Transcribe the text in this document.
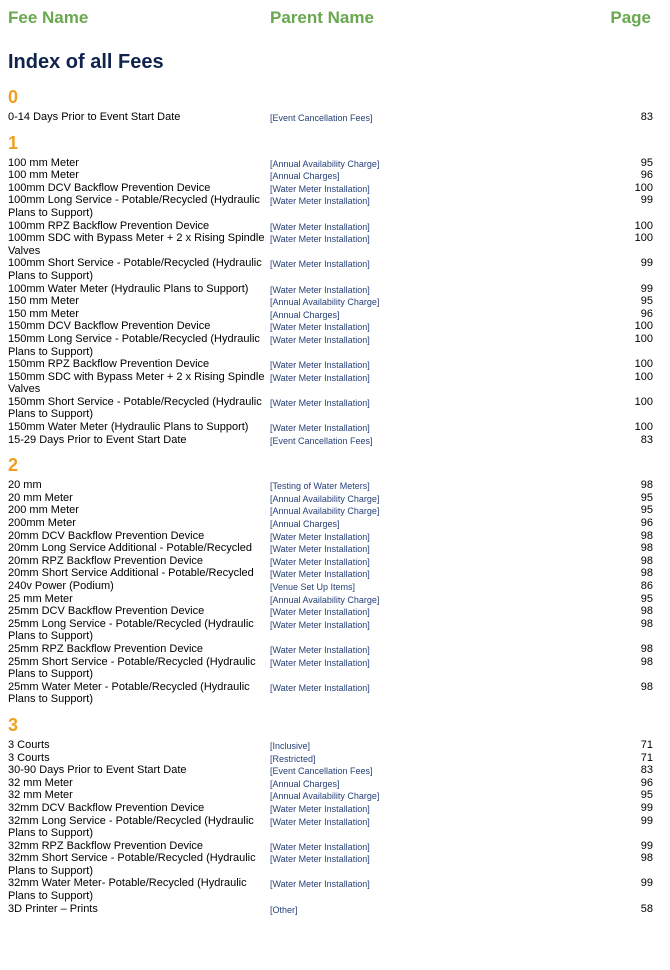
Fee Name	Parent Name	Page
Index of all Fees
0
0-14 Days Prior to Event Start Date	[Event Cancellation Fees]	83
1
100 mm Meter	[Annual Availability Charge]	95
100 mm Meter	[Annual Charges]	96
100mm DCV Backflow Prevention Device	[Water Meter Installation]	100
100mm Long Service - Potable/Recycled (Hydraulic Plans to Support)
[Water Meter Installation]	99
100mm RPZ Backflow Prevention Device	[Water Meter Installation]	100
100mm SDC with Bypass Meter + 2 x Rising Spindle Valves
[Water Meter Installation]	100
100mm Short Service - Potable/Recycled (Hydraulic Plans to Support)
[Water Meter Installation]	99
100mm Water Meter (Hydraulic Plans to Support)	[Water Meter Installation]	99
150 mm Meter	[Annual Availability Charge]	95
150 mm Meter	[Annual Charges]	96
150mm DCV Backflow Prevention Device	[Water Meter Installation]	100
150mm Long Service - Potable/Recycled (Hydraulic Plans to Support)
[Water Meter Installation]	100
150mm RPZ Backflow Prevention Device	[Water Meter Installation]	100
150mm SDC with Bypass Meter + 2 x Rising Spindle Valves
[Water Meter Installation]	100
150mm Short Service - Potable/Recycled (Hydraulic Plans to Support)
[Water Meter Installation]	100
150mm Water Meter (Hydraulic Plans to Support)	[Water Meter Installation]	100
15-29 Days Prior to Event Start Date	[Event Cancellation Fees]	83
2
20 mm	[Testing of Water Meters]	98
20 mm Meter	[Annual Availability Charge]	95
200 mm Meter	[Annual Availability Charge]	95
200mm Meter	[Annual Charges]	96
20mm DCV Backflow Prevention Device	[Water Meter Installation]	98
20mm Long Service Additional - Potable/Recycled	[Water Meter Installation]	98
20mm RPZ Backflow Prevention Device	[Water Meter Installation]	98
20mm Short Service Additional - Potable/Recycled	[Water Meter Installation]	98
240v Power (Podium)	[Venue Set Up Items]	86
25 mm Meter	[Annual Availability Charge]	95
25mm DCV Backflow Prevention Device	[Water Meter Installation]	98
25mm Long Service - Potable/Recycled (Hydraulic Plans to Support)
[Water Meter Installation]	98
25mm RPZ Backflow Prevention Device	[Water Meter Installation]	98
25mm Short Service - Potable/Recycled (Hydraulic Plans to Support)
[Water Meter Installation]	98
25mm Water Meter - Potable/Recycled (Hydraulic Plans to Support)
[Water Meter Installation]	98
3
3 Courts	[Inclusive]	71
3 Courts	[Restricted]	71
30-90 Days Prior to Event Start Date	[Event Cancellation Fees]	83
32 mm Meter	[Annual Charges]	96
32 mm Meter	[Annual Availability Charge]	95
32mm DCV Backflow Prevention Device	[Water Meter Installation]	99
32mm Long Service - Potable/Recycled (Hydraulic Plans to Support)
[Water Meter Installation]	99
32mm RPZ Backflow Prevention Device	[Water Meter Installation]	99
32mm Short Service - Potable/Recycled (Hydraulic Plans to Support)
[Water Meter Installation]	98
32mm Water Meter- Potable/Recycled (Hydraulic Plans to Support)
[Water Meter Installation]	99
3D Printer – Prints	[Other]	58
